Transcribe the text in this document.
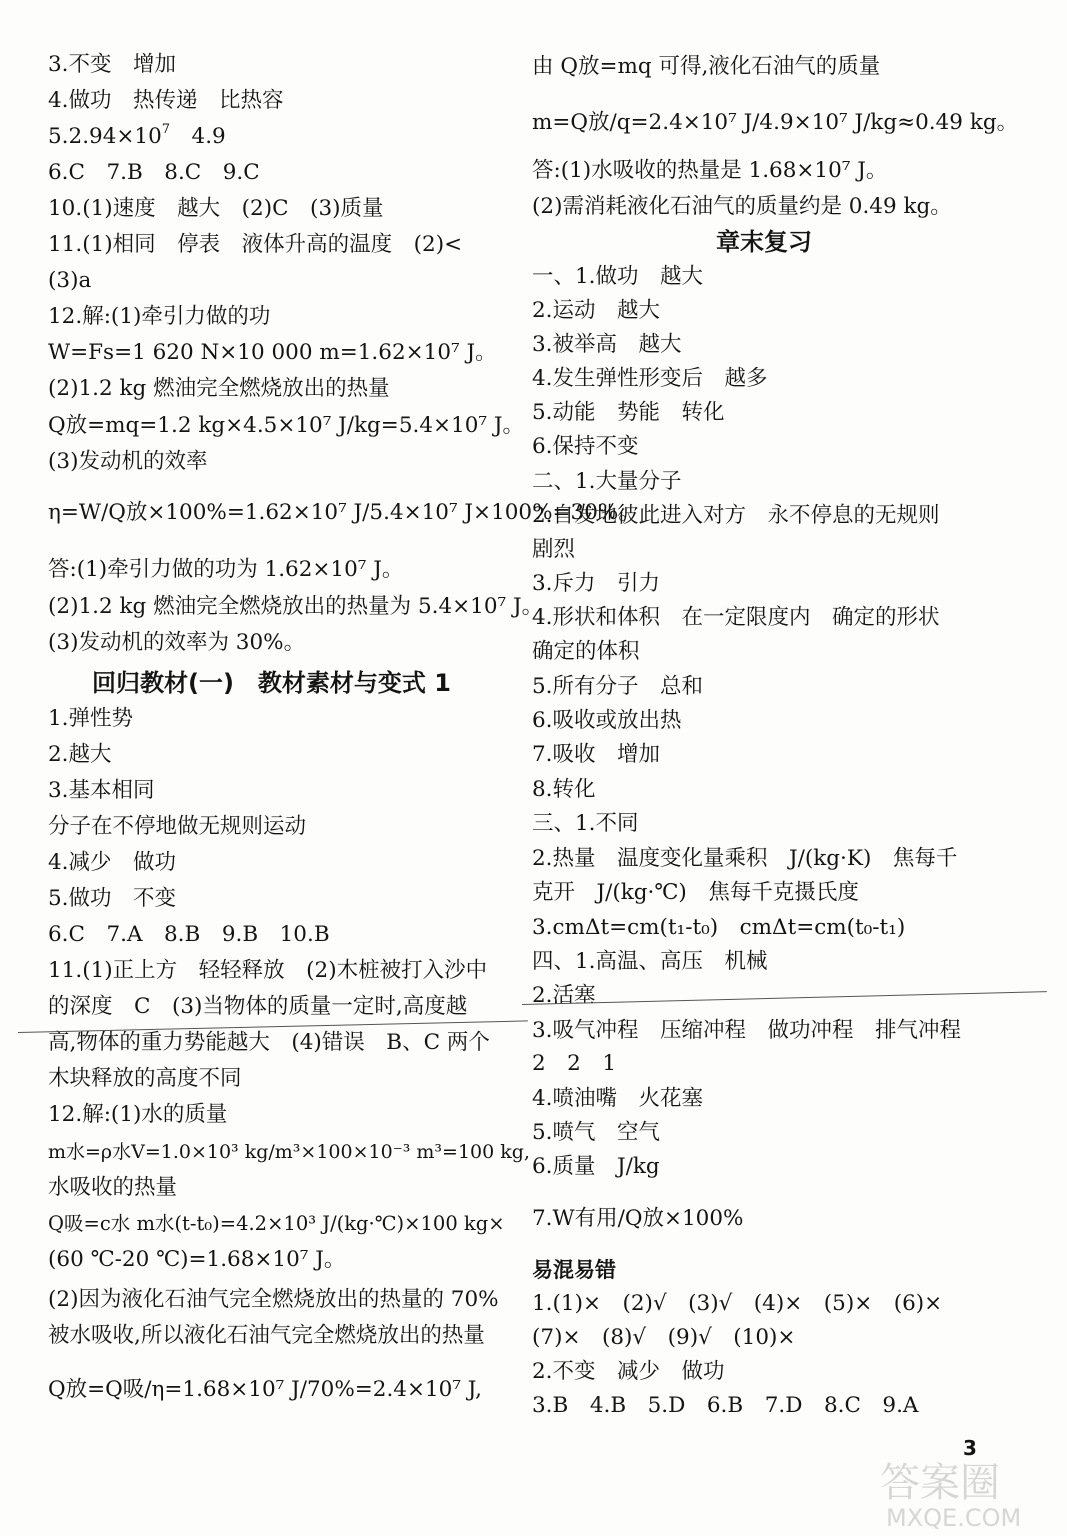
3.不变　增加
4.做功　热传递　比热容
$5.2.94\times 10^7$　4.9
6.C　7.B　8.C　9.C
10.(1)速度　越大　(2)C　(3)质量
11.(1)相同　停表　液体升高的温度　(2)<
(3)a
12.解:(1)牵引力做的功
W=Fs=1 620 N×10 000 m=1.62×10⁷ J。
(2)1.2 kg 燃油完全燃烧放出的热量
Q放=mq=1.2 kg×4.5×10⁷ J/kg=5.4×10⁷ J。
(3)发动机的效率
η=W/Q放×100%=1.62×10⁷ J/5.4×10⁷ J×100%=30%。
答:(1)牵引力做的功为 1.62×10⁷ J。
(2)1.2 kg 燃油完全燃烧放出的热量为 5.4×10⁷ J。
(3)发动机的效率为 30%。
回归教材(一)　教材素材与变式 1
1.弹性势
2.越大
3.基本相同
分子在不停地做无规则运动
4.减少　做功
5.做功　不变
6.C　7.A　8.B　9.B　10.B
11.(1)正上方　轻轻释放　(2)木桩被打入沙中
的深度　C　(3)当物体的质量一定时,高度越
高,物体的重力势能越大　(4)错误　B、C 两个
木块释放的高度不同
12.解:(1)水的质量
m水=ρ水V=1.0×10³ kg/m³×100×10⁻³ m³=100 kg,
水吸收的热量
Q吸=c水 m水(t-t₀)=4.2×10³ J/(kg·℃)×100 kg×
(60 ℃-20 ℃)=1.68×10⁷ J。
(2)因为液化石油气完全燃烧放出的热量的 70%
被水吸收,所以液化石油气完全燃烧放出的热量
Q放=Q吸/η=1.68×10⁷ J/70%=2.4×10⁷ J,
由 Q放=mq 可得,液化石油气的质量
m=Q放/q=2.4×10⁷ J/4.9×10⁷ J/kg≈0.49 kg。
答:(1)水吸收的热量是 1.68×10⁷ J。
(2)需消耗液化石油气的质量约是 0.49 kg。
章末复习
一、1.做功　越大
2.运动　越大
3.被举高　越大
4.发生弹性形变后　越多
5.动能　势能　转化
6.保持不变
二、1.大量分子
2.自发地彼此进入对方　永不停息的无规则
剧烈
3.斥力　引力
4.形状和体积　在一定限度内　确定的形状
确定的体积
5.所有分子　总和
6.吸收或放出热
7.吸收　增加
8.转化
三、1.不同
2.热量　温度变化量乘积　J/(kg·K)　焦每千
克开　J/(kg·℃)　焦每千克摄氏度
3.cmΔt=cm(t₁-t₀)　cmΔt=cm(t₀-t₁)
四、1.高温、高压　机械
2.活塞
3.吸气冲程　压缩冲程　做功冲程　排气冲程
2　2　1
4.喷油嘴　火花塞
5.喷气　空气
6.质量　J/kg
7.W有用/Q放×100%
易混易错
1.(1)×　(2)√　(3)√　(4)×　(5)×　(6)×
(7)×　(8)√　(9)√　(10)×
2.不变　减少　做功
3.B　4.B　5.D　6.B　7.D　8.C　9.A
3
答案圈
MXQE.COM
